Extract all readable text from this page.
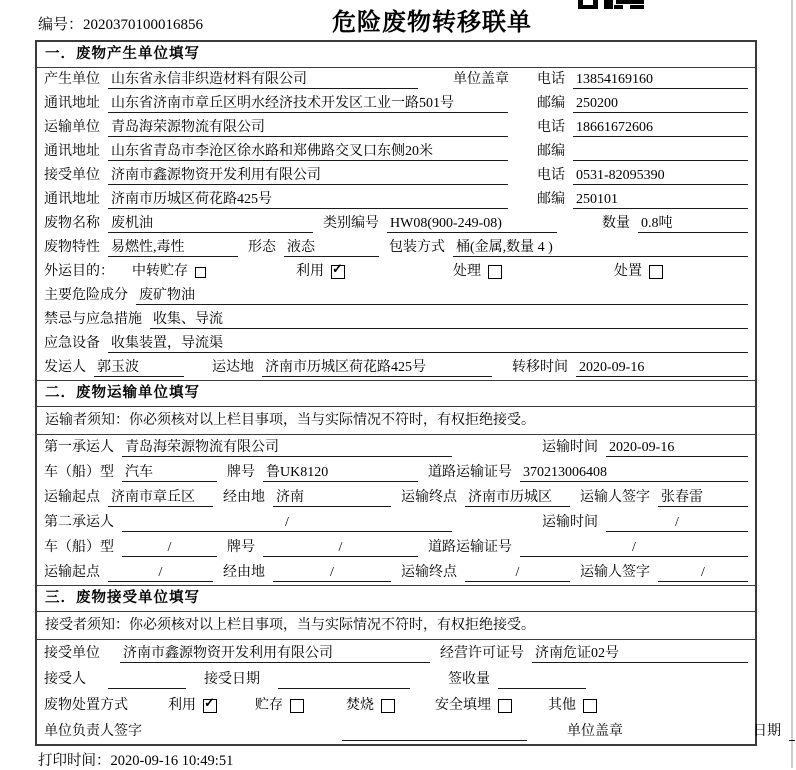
编号：2020370100016856	危险废物转移联单
一．废物产生单位填写
产生单位 山东省永信非织造材料有限公司	单位盖章 电话 13854169160
通讯地址 山东省济南市章丘区明水经济技术开发区工业一路501号	邮编 250200
运输单位 青岛海荣源物流有限公司	电话 18661672606
通讯地址 山东省青岛市李沧区徐水路和郑佛路交叉口东侧20米	邮编
接受单位 济南市鑫源物资开发利用有限公司	电话 0531-82095390
通讯地址 济南市历城区荷花路425号	邮编 250101
废物名称 废机油	类别编号 HW08(900-249-08)	数量 0.8吨
废物特性 易燃性,毒性	形态 液态	包装方式 桶(金属,数量 4 )
外运目的： 中转贮存	利用 ✓	处理	处置
主要危险成分 废矿物油
禁忌与应急措施 收集、导流
应急设备 收集装置，导流渠
发运人 郭玉波	运达地 济南市历城区荷花路425号	转移时间 2020-09-16
二．废物运输单位填写
运输者须知：你必须核对以上栏目事项，当与实际情况不符时，有权拒绝接受。
第一承运人 青岛海荣源物流有限公司	运输时间 2020-09-16
车（船）型 汽车	牌号 鲁UK8120	道路运输证号 370213006408
运输起点 济南市章丘区	经由地 济南	运输终点 济南市历城区	运输人签字 张春雷
第二承运人	/	运输时间	/
车（船）型	/	牌号	/	道路运输证号	/
运输起点	/	经由地	/	运输终点	/	运输人签字	/
三．废物接受单位填写
接受者须知：你必须核对以上栏目事项，当与实际情况不符时，有权拒绝接受。
接受单位 济南市鑫源物资开发利用有限公司	经营许可证号 济南危证02号
接受人	接受日期	签收量
废物处置方式	利用 ✓	贮存	焚烧	安全填埋	其他
单位负责人签字	单位盖章	日期
打印时间：2020-09-16 10:49:51
